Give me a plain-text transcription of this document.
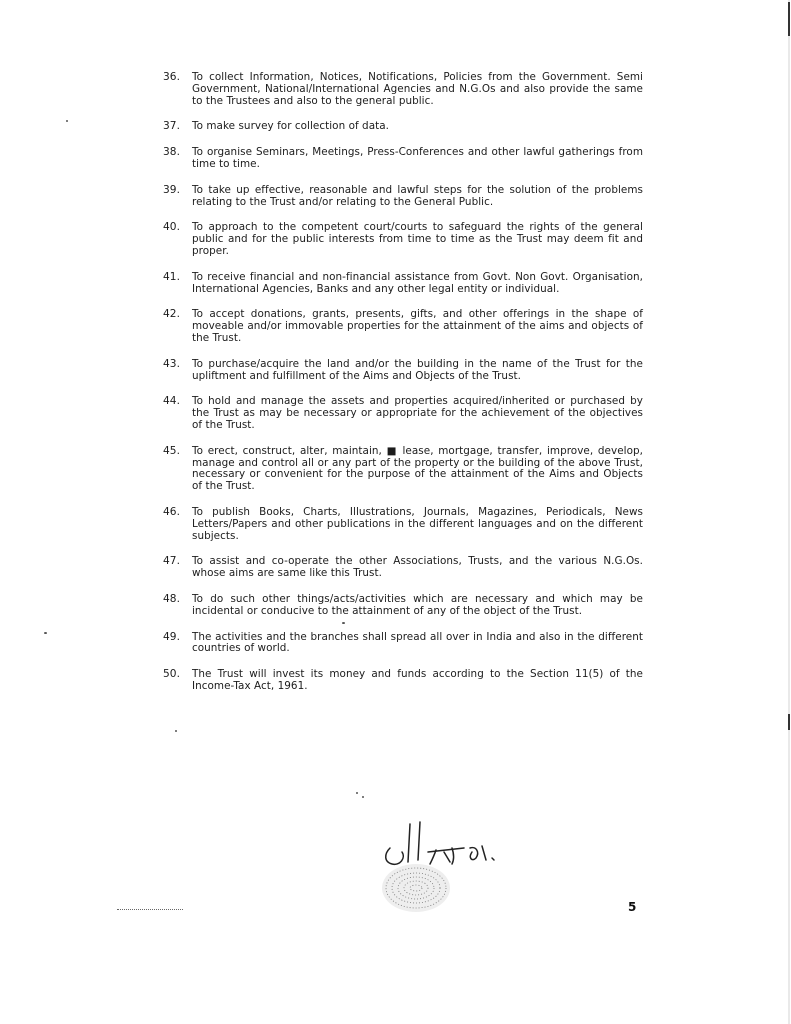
36. To collect Information, Notices, Notifications, Policies from the Government. Semi Government, National/International Agencies and N.G.Os and also provide the same to the Trustees and also to the general public.
37. To make survey for collection of data.
38. To organise Seminars, Meetings, Press-Conferences and other lawful gatherings from time to time.
39. To take up effective, reasonable and lawful steps for the solution of the problems relating to the Trust and/or relating to the General Public.
40. To approach to the competent court/courts to safeguard the rights of the general public and for the public interests from time to time as the Trust may deem fit and proper.
41. To receive financial and non-financial assistance from Govt. Non Govt. Organisation, International Agencies, Banks and any other legal entity or individual.
42. To accept donations, grants, presents, gifts, and other offerings in the shape of moveable and/or immovable properties for the attainment of the aims and objects of the Trust.
43. To purchase/acquire the land and/or the building in the name of the Trust for the upliftment and fulfillment of the Aims and Objects of the Trust.
44. To hold and manage the assets and properties acquired/inherited or purchased by the Trust as may be necessary or appropriate for the achievement of the objectives of the Trust.
45. To erect, construct, alter, maintain, ■ lease, mortgage, transfer, improve, develop, manage and control all or any part of the property or the building of the above Trust, necessary or convenient for the purpose of the attainment of the Aims and Objects of the Trust.
46. To publish Books, Charts, Illustrations, Journals, Magazines, Periodicals, News Letters/Papers and other publications in the different languages and on the different subjects.
47. To assist and co-operate the other Associations, Trusts, and the various N.G.Os. whose aims are same like this Trust.
48. To do such other things/acts/activities which are necessary and which may be incidental or conducive to the attainment of any of the object of the Trust.
49. The activities and the branches shall spread all over in India and also in the different countries of world.
50. The Trust will invest its money and funds according to the Section 11(5) of the Income-Tax Act, 1961.
5
